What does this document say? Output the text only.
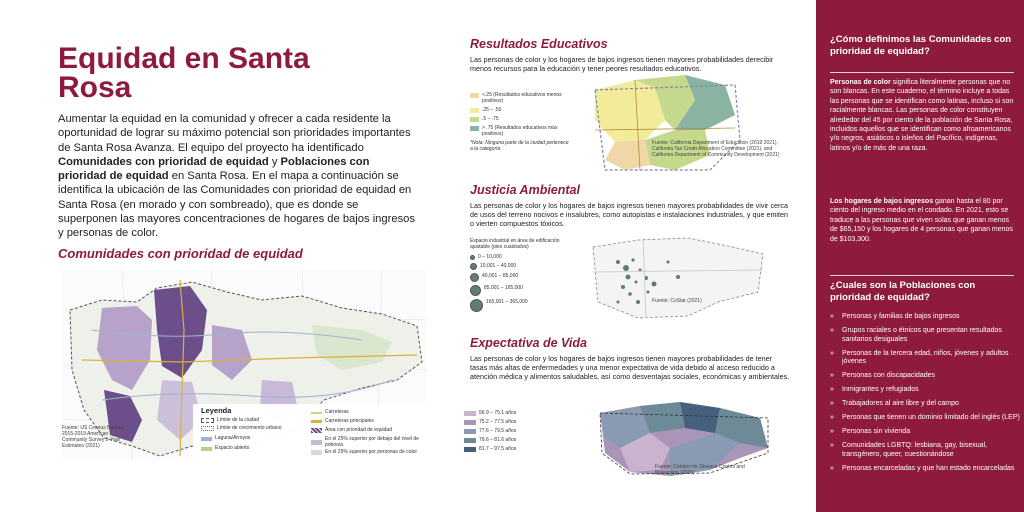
Equidad en Santa Rosa

Aumentar la equidad en la comunidad y ofrecer a cada residente la oportunidad de lograr su máximo potencial son prioridades importantes de Santa Rosa Avanza. El equipo del proyecto ha identificado Comunidades con prioridad de equidad y Poblaciones con prioridad de equidad en Santa Rosa. En el mapa a continuación se identifica la ubicación de las Comunidades con prioridad de equidad en Santa Rosa (en morado y con sombreado), que es donde se superponen las mayores concentraciones de hogares de bajos ingresos y personas de color.

Comunidades con prioridad de equidad
Fuente: US Census Bureau, 2015-2019 American Community Survey 5-Year Estimates (2021)
Leyenda
Límite de la ciudad
Límite de crecimiento urbano
Laguna/Arroyos
Espacio abierto
Carreteras
Carreteras principales
Área con prioridad de equidad
En el 25% superior por debajo del nivel de pobreza
En el 25% superior por personas de color
Resultados Educativos

Las personas de color y los hogares de bajos ingresos tienen mayores probabilidades derecibir menos recursos para la educación y tener peores resultados educativos.

<.25 (Resultados educativos menos positivos)
.25 – .50
.5 – .75
> .75 (Resultados educativos más positivos)
*Nota: Ninguna parte de la ciudad pertenece a la categoría
Fuente: California Department of Education (2019 2021), California Tax Credit Allocation Committee (2021), and California Department of Community Development (2021)
Justicia Ambiental

Las personas de color y los hogares de bajos ingresos tienen mayores probabilidades de vivir cerca de usos del terreno nocivos e insalubres, como autopistas e instalaciones industriales, y que emiten o vierten compuestos tóxicos.

Espacio industrial en área de edificación ajustable (pies cuadrados)
0 – 10,000
10,001 – 40,000
40,001 – 85,000
85,001 – 165,000
165,001 – 365,000	Fuente: CoStar (2021)
Expectativa de Vida

Las personas de color y los hogares de bajos ingresos tienen mayores probabilidades de tener tasas más altas de enfermedades y una menor expectativa de vida debido al acceso reducido a atención médica y alimentos saludables, así como desventajas sociales, económicas y ambientales.

56.9 – 75.1 años
75.2 – 77.5 años
77.6 – 79.5 años
79.6 – 81.6 años
81.7 – 97.5 años
Fuente: Centers for Disease Control and Prevention (2015)
¿Cómo definimos las Comunidades con prioridad de equidad?

Personas de color significa literalmente personas que no son blancas. En este cuaderno, el término incluye a todas las personas que se identifican como latinas, incluso si son racialmente blancas. Las personas de color constituyen alrededor del 45 por ciento de la población de Santa Rosa, incluidos aquellos que se identifican como afroamericanos y/o negros, asiáticos o isleños del Pacífico, indígenas, latinos y/o de más de una raza.

Los hogares de bajos ingresos ganan hasta el 80 por ciento del ingreso medio en el condado. En 2021, esto se traduce a las personas que viven solas que ganan menos de $65,150 y los hogares de 4 personas que ganan menos de $103,300.

¿Cuales son la Poblaciones con prioridad de equidad?
» Personas y familias de bajos ingresos
» Grupos raciales o étnicos que presentan resultados sanitarios desiguales
» Personas de la tercera edad, niños, jóvenes y adultos jóvenes
» Personas con discapacidades
» Inmigrantes y refugiados
» Trabajadores al aire libre y del campo
» Personas que tienen un dominio limitado del inglés (LEP)
» Personas sin vivienda
» Comunidades LGBTQ: lesbiana, gay, bisexual, transgénero, queer, cuestionándose
» Personas encarceladas y que han estado encarceladas
